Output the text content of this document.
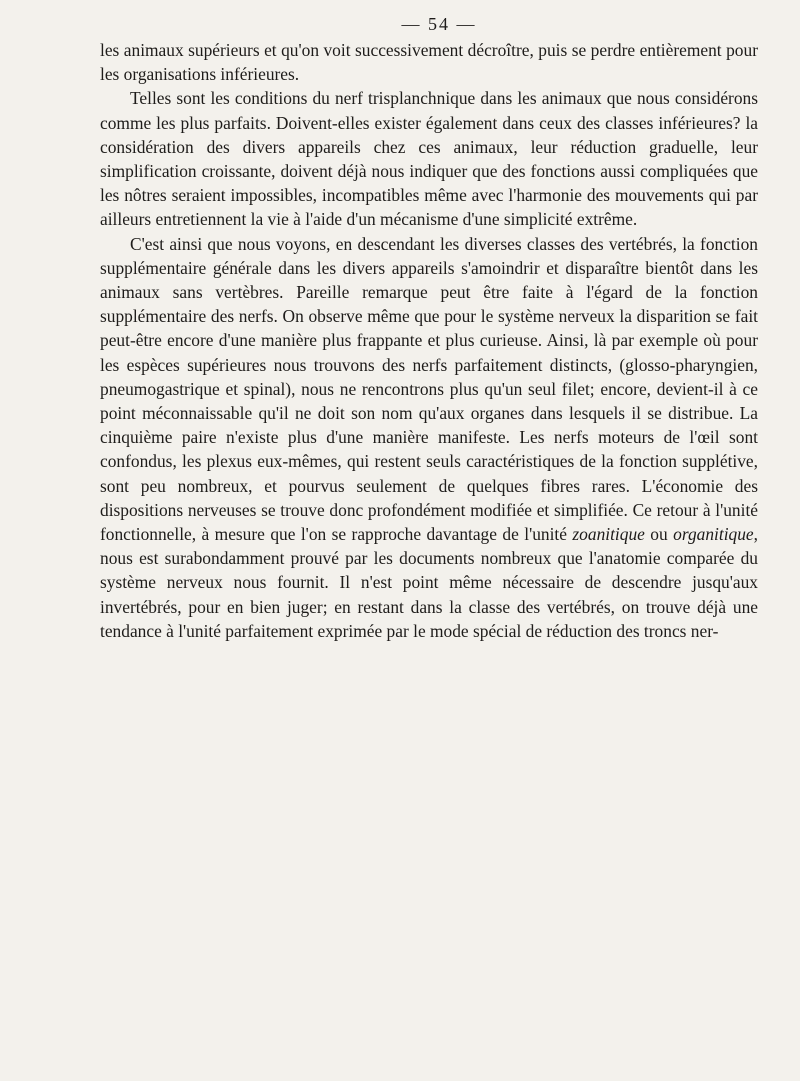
— 54 —

les animaux supérieurs et qu'on voit successivement décroître, puis se perdre entièrement pour les organisations inférieures.

Telles sont les conditions du nerf trisplanchnique dans les animaux que nous considérons comme les plus parfaits. Doivent-elles exister également dans ceux des classes inférieures? la considération des divers appareils chez ces animaux, leur réduction graduelle, leur simplification croissante, doivent déjà nous indiquer que des fonctions aussi compliquées que les nôtres seraient impossibles, incompatibles même avec l'harmonie des mouvements qui par ailleurs entretiennent la vie à l'aide d'un mécanisme d'une simplicité extrême.

C'est ainsi que nous voyons, en descendant les diverses classes des vertébrés, la fonction supplémentaire générale dans les divers appareils s'amoindrir et disparaître bientôt dans les animaux sans vertèbres. Pareille remarque peut être faite à l'égard de la fonction supplémentaire des nerfs. On observe même que pour le système nerveux la disparition se fait peut-être encore d'une manière plus frappante et plus curieuse. Ainsi, là par exemple où pour les espèces supérieures nous trouvons des nerfs parfaitement distincts, (glosso-pharyngien, pneumogastrique et spinal), nous ne rencontrons plus qu'un seul filet; encore, devient-il à ce point méconnaissable qu'il ne doit son nom qu'aux organes dans lesquels il se distribue. La cinquième paire n'existe plus d'une manière manifeste. Les nerfs moteurs de l'œil sont confondus, les plexus eux-mêmes, qui restent seuls caractéristiques de la fonction supplétive, sont peu nombreux, et pourvus seulement de quelques fibres rares. L'économie des dispositions nerveuses se trouve donc profondément modifiée et simplifiée. Ce retour à l'unité fonctionnelle, à mesure que l'on se rapproche davantage de l'unité zoanitique ou organitique, nous est surabondamment prouvé par les documents nombreux que l'anatomie comparée du système nerveux nous fournit. Il n'est point même nécessaire de descendre jusqu'aux invertébrés, pour en bien juger; en restant dans la classe des vertébrés, on trouve déjà une tendance à l'unité parfaitement exprimée par le mode spécial de réduction des troncs ner-
